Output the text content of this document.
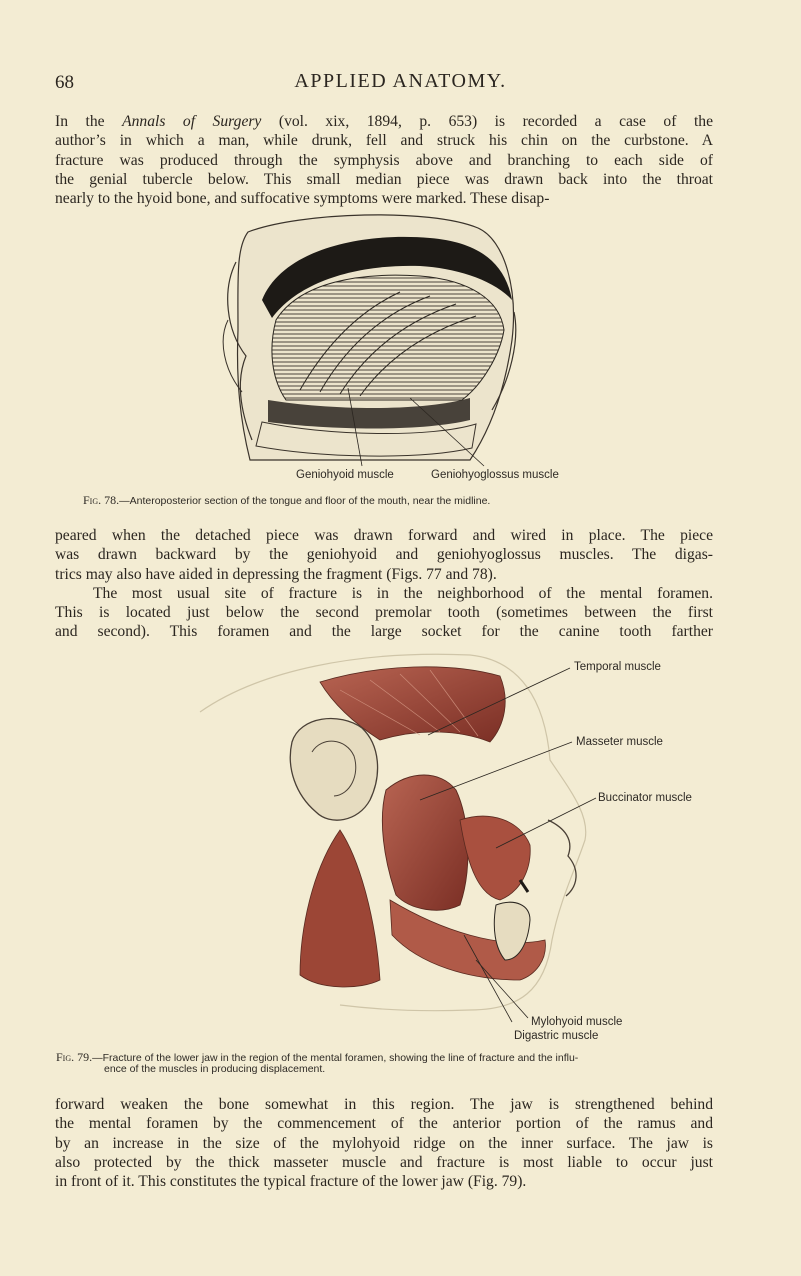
68	APPLIED ANATOMY.
In the Annals of Surgery (vol. xix, 1894, p. 653) is recorded a case of the
author’s in which a man, while drunk, fell and struck his chin on the curbstone. A
fracture was produced through the symphysis above and branching to each side of
the genial tubercle below. This small median piece was drawn back into the throat
nearly to the hyoid bone, and suffocative symptoms were marked. These disap-
Geniohyoid muscle	Geniohyoglossus muscle
Fig. 78.—Anteroposterior section of the tongue and floor of the mouth, near the midline.
peared when the detached piece was drawn forward and wired in place. The piece
was drawn backward by the geniohyoid and geniohyoglossus muscles. The digas-
trics may also have aided in depressing the fragment (Figs. 77 and 78).
The most usual site of fracture is in the neighborhood of the mental foramen.
This is located just below the second premolar tooth (sometimes between the first
and second). This foramen and the large socket for the canine tooth farther
Temporal muscle
Masseter muscle
Buccinator muscle
Mylohyoid muscle
Digastric muscle
Fig. 79.—Fracture of the lower jaw in the region of the mental foramen, showing the line of fracture and the influ-
ence of the muscles in producing displacement.
forward weaken the bone somewhat in this region. The jaw is strengthened behind
the mental foramen by the commencement of the anterior portion of the ramus and
by an increase in the size of the mylohyoid ridge on the inner surface. The jaw is
also protected by the thick masseter muscle and fracture is most liable to occur just
in front of it. This constitutes the typical fracture of the lower jaw (Fig. 79).
